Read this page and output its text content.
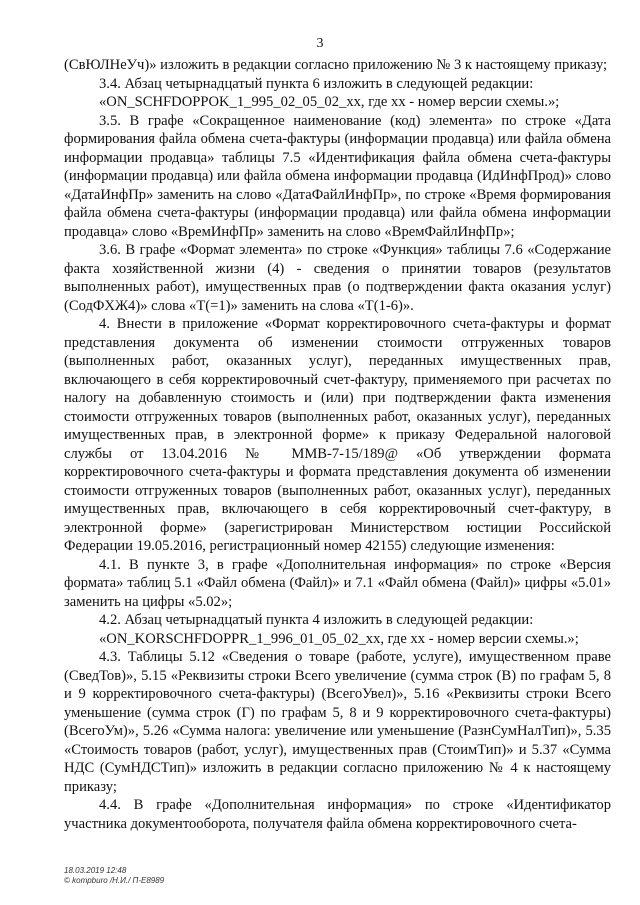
3

(СвЮЛНеУч)» изложить в редакции согласно приложению № 3 к настоящему приказу;

3.4. Абзац четырнадцатый пункта 6 изложить в следующей редакции:

«ON_SCHFDOPPOK_1_995_02_05_02_xx, где xx - номер версии схемы.»;

3.5. В графе «Сокращенное наименование (код) элемента» по строке «Дата формирования файла обмена счета-фактуры (информации продавца) или файла обмена информации продавца» таблицы 7.5 «Идентификация файла обмена счета-фактуры (информации продавца) или файла обмена информации продавца (ИдИнфПрод)» слово «ДатаИнфПр» заменить на слово «ДатаФайлИнфПр», по строке «Время формирования файла обмена счета-фактуры (информации продавца) или файла обмена информации продавца» слово «ВремИнфПр» заменить на слово «ВремФайлИнфПр»;

3.6. В графе «Формат элемента» по строке «Функция» таблицы 7.6 «Содержание факта хозяйственной жизни (4) - сведения о принятии товаров (результатов выполненных работ), имущественных прав (о подтверждении факта оказания услуг) (СодФХЖ4)» слова «Т(=1)» заменить на слова «Т(1-6)».

4. Внести в приложение «Формат корректировочного счета-фактуры и формат представления документа об изменении стоимости отгруженных товаров (выполненных работ, оказанных услуг), переданных имущественных прав, включающего в себя корректировочный счет-фактуру, применяемого при расчетах по налогу на добавленную стоимость и (или) при подтверждении факта изменения стоимости отгруженных товаров (выполненных работ, оказанных услуг), переданных имущественных прав, в электронной форме» к приказу Федеральной налоговой службы от 13.04.2016 № ММВ-7-15/189@ «Об утверждении формата корректировочного счета-фактуры и формата представления документа об изменении стоимости отгруженных товаров (выполненных работ, оказанных услуг), переданных имущественных прав, включающего в себя корректировочный счет-фактуру, в электронной форме» (зарегистрирован Министерством юстиции Российской Федерации 19.05.2016, регистрационный номер 42155) следующие изменения:

4.1. В пункте 3, в графе «Дополнительная информация» по строке «Версия формата» таблиц 5.1 «Файл обмена (Файл)» и 7.1 «Файл обмена (Файл)» цифры «5.01» заменить на цифры «5.02»;

4.2. Абзац четырнадцатый пункта 4 изложить в следующей редакции:

«ON_KORSCHFDOPPR_1_996_01_05_02_xx, где xx - номер версии схемы.»;

4.3. Таблицы 5.12 «Сведения о товаре (работе, услуге), имущественном праве (СведТов)», 5.15 «Реквизиты строки Всего увеличение (сумма строк (В) по графам 5, 8 и 9 корректировочного счета-фактуры) (ВсегоУвел)», 5.16 «Реквизиты строки Всего уменьшение (сумма строк (Г) по графам 5, 8 и 9 корректировочного счета-фактуры) (ВсегоУм)», 5.26 «Сумма налога: увеличение или уменьшение (РазнСумНалТип)», 5.35 «Стоимость товаров (работ, услуг), имущественных прав (СтоимТип)» и 5.37 «Сумма НДС (СумНДСТип)» изложить в редакции согласно приложению № 4 к настоящему приказу;

4.4. В графе «Дополнительная информация» по строке «Идентификатор участника документооборота, получателя файла обмена корректировочного счета-

18.03.2019 12:48
© kompburo /Н.И./ П-Е8989
